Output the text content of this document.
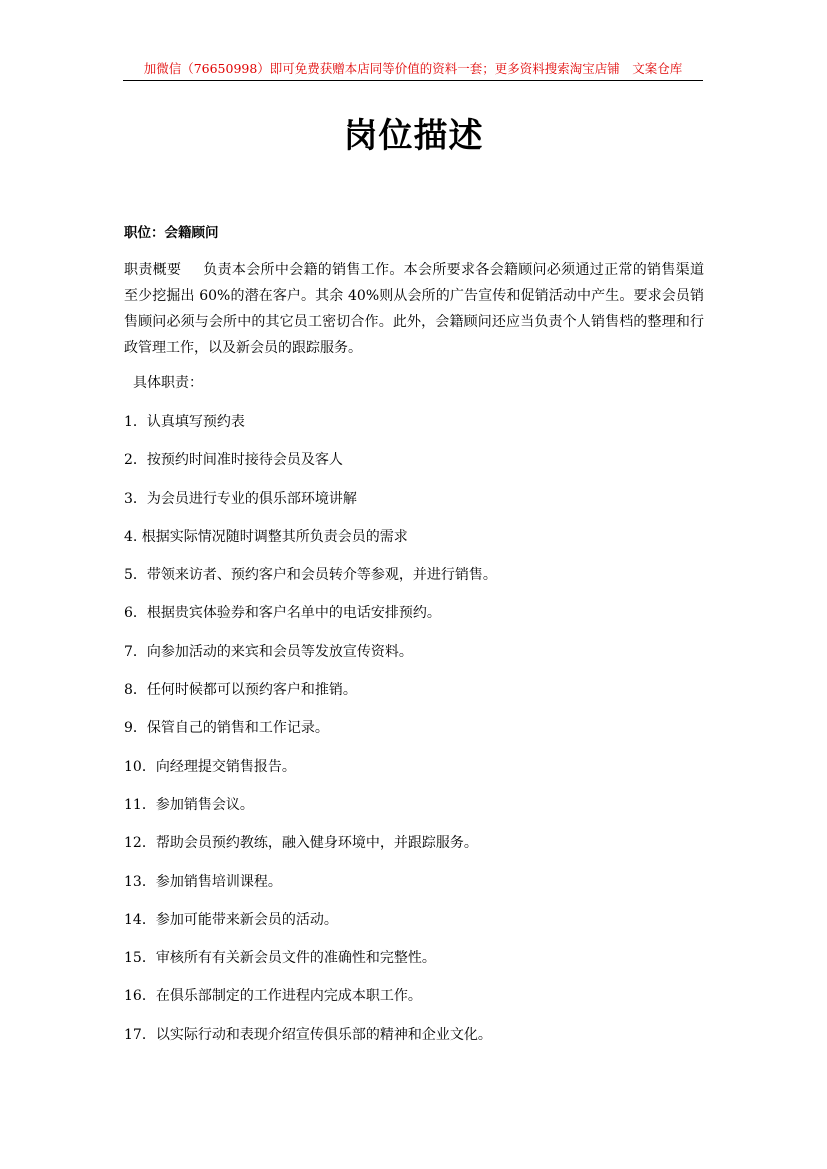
加微信（76650998）即可免费获赠本店同等价值的资料一套；更多资料搜索淘宝店铺　文案仓库
岗位描述
职位：会籍顾问
职责概要 负责本会所中会籍的销售工作。本会所要求各会籍顾问必须通过正常的销售渠道至少挖掘出 60%的潜在客户。其余 40%则从会所的广告宣传和促销活动中产生。要求会员销售顾问必须与会所中的其它员工密切合作。此外，会籍顾问还应当负责个人销售档的整理和行政管理工作，以及新会员的跟踪服务。
具体职责：
1．认真填写预约表
2．按预约时间准时接待会员及客人
3．为会员进行专业的俱乐部环境讲解
4. 根据实际情况随时调整其所负责会员的需求
5．带领来访者、预约客户和会员转介等参观，并进行销售。
6．根据贵宾体验券和客户名单中的电话安排预约。
7．向参加活动的来宾和会员等发放宣传资料。
8．任何时候都可以预约客户和推销。
9．保管自己的销售和工作记录。
10．向经理提交销售报告。
11．参加销售会议。
12．帮助会员预约教练，融入健身环境中，并跟踪服务。
13．参加销售培训课程。
14．参加可能带来新会员的活动。
15．审核所有有关新会员文件的准确性和完整性。
16．在俱乐部制定的工作进程内完成本职工作。
17．以实际行动和表现介绍宣传俱乐部的精神和企业文化。
